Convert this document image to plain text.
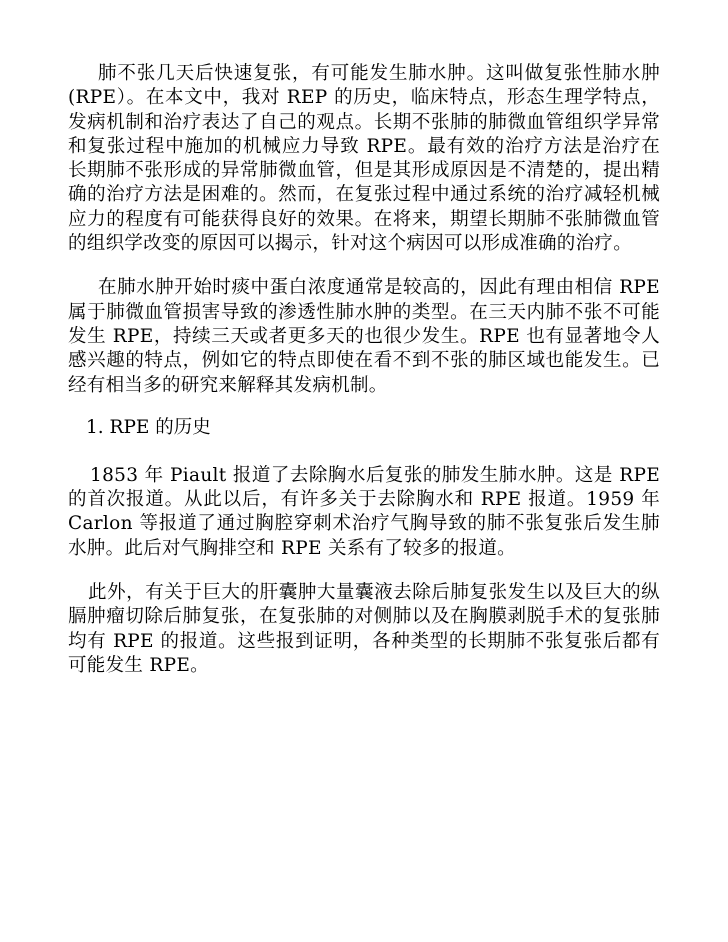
肺不张几天后快速复张，有可能发生肺水肿。这叫做复张性肺水肿(RPE）。在本文中，我对 REP 的历史，临床特点，形态生理学特点，发病机制和治疗表达了自己的观点。长期不张肺的肺微血管组织学异常和复张过程中施加的机械应力导致 RPE。最有效的治疗方法是治疗在长期肺不张形成的异常肺微血管，但是其形成原因是不清楚的，提出精确的治疗方法是困难的。然而，在复张过程中通过系统的治疗减轻机械应力的程度有可能获得良好的效果。在将来，期望长期肺不张肺微血管的组织学改变的原因可以揭示，针对这个病因可以形成准确的治疗。

在肺水肿开始时痰中蛋白浓度通常是较高的，因此有理由相信 RPE 属于肺微血管损害导致的渗透性肺水肿的类型。在三天内肺不张不可能发生 RPE，持续三天或者更多天的也很少发生。RPE 也有显著地令人感兴趣的特点，例如它的特点即使在看不到不张的肺区域也能发生。已经有相当多的研究来解释其发病机制。

1. RPE 的历史

1853 年 Piault 报道了去除胸水后复张的肺发生肺水肿。这是 RPE 的首次报道。从此以后，有许多关于去除胸水和 RPE 报道。1959 年 Carlon 等报道了通过胸腔穿刺术治疗气胸导致的肺不张复张后发生肺水肿。此后对气胸排空和 RPE 关系有了较多的报道。

此外，有关于巨大的肝囊肿大量囊液去除后肺复张发生以及巨大的纵膈肿瘤切除后肺复张，在复张肺的对侧肺以及在胸膜剥脱手术的复张肺均有 RPE 的报道。这些报到证明，各种类型的长期肺不张复张后都有可能发生 RPE。
